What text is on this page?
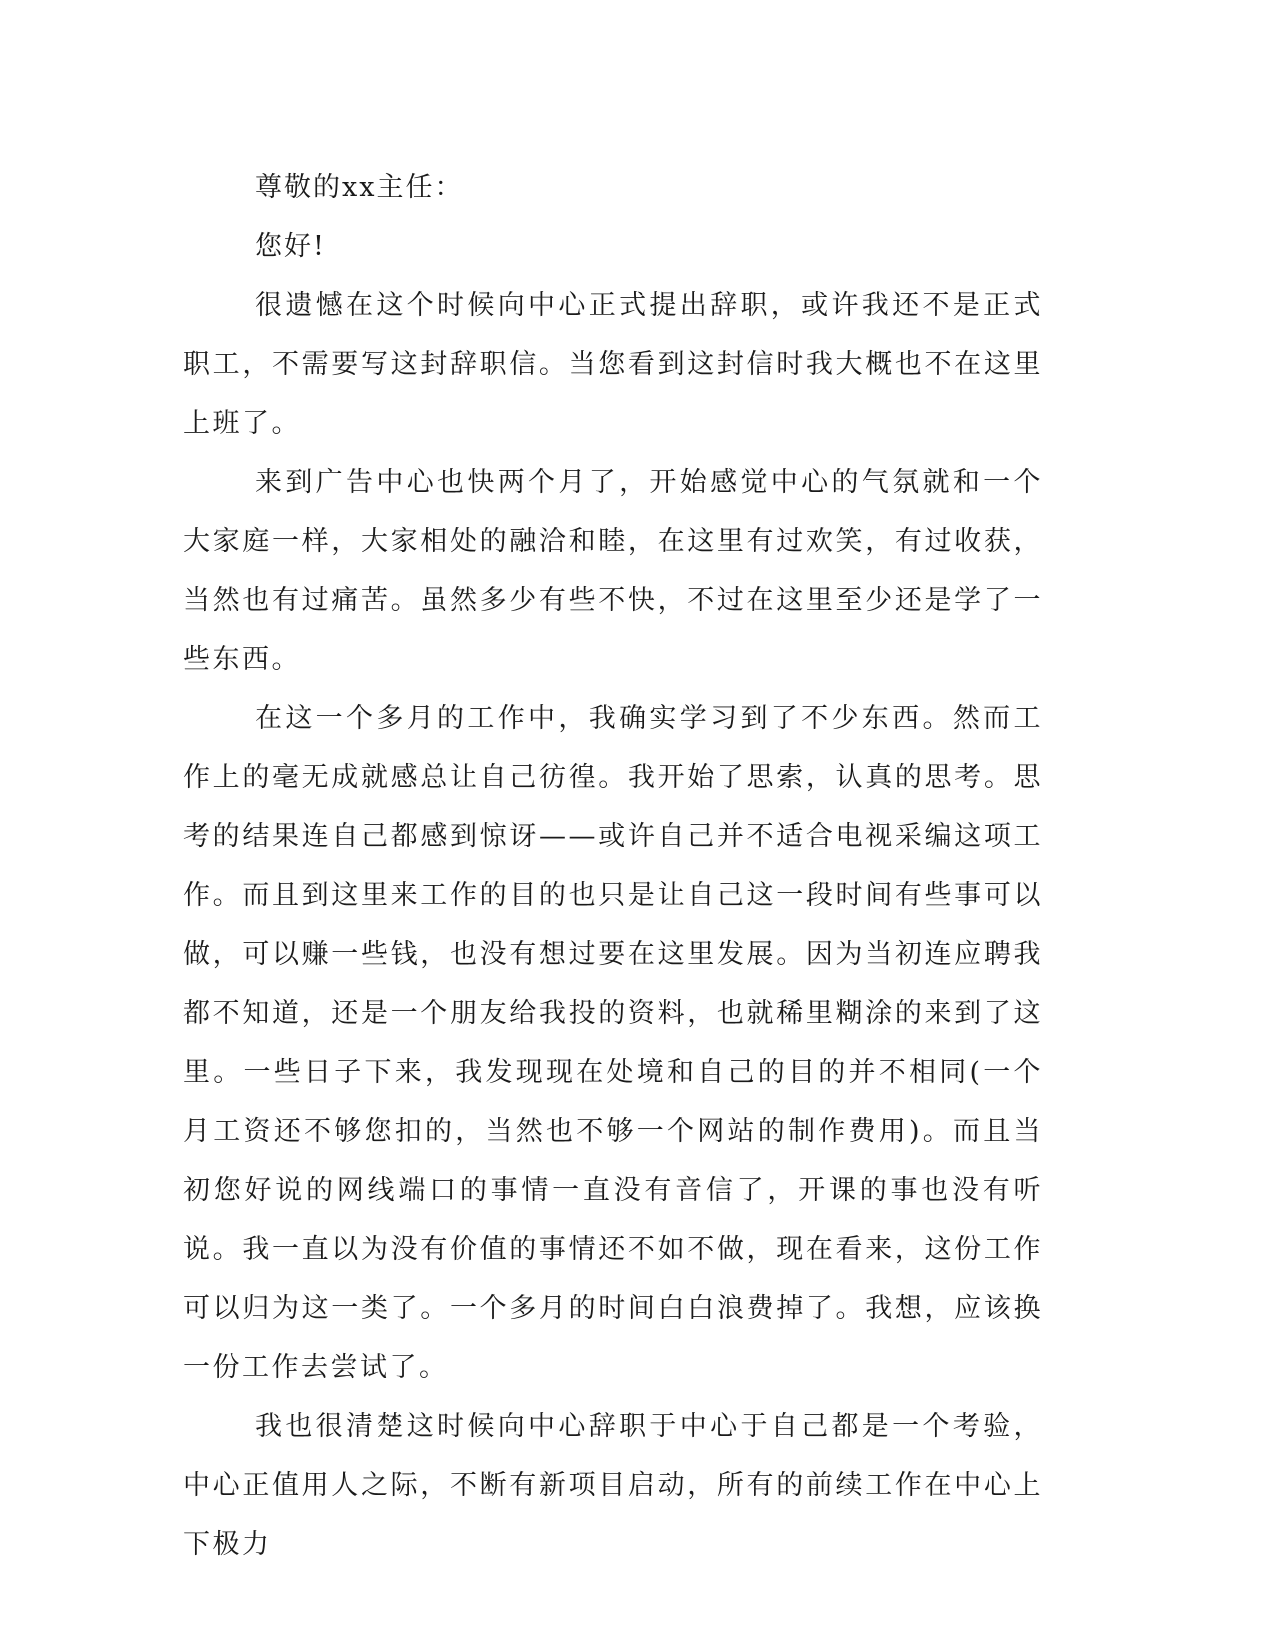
尊敬的xx主任：

您好!

很遗憾在这个时候向中心正式提出辞职，或许我还不是正式职工，不需要写这封辞职信。当您看到这封信时我大概也不在这里上班了。

来到广告中心也快两个月了，开始感觉中心的气氛就和一个大家庭一样，大家相处的融洽和睦，在这里有过欢笑，有过收获，当然也有过痛苦。虽然多少有些不快，不过在这里至少还是学了一些东西。

在这一个多月的工作中，我确实学习到了不少东西。然而工作上的毫无成就感总让自己彷徨。我开始了思索，认真的思考。思考的结果连自己都感到惊讶——或许自己并不适合电视采编这项工作。而且到这里来工作的目的也只是让自己这一段时间有些事可以做，可以赚一些钱，也没有想过要在这里发展。因为当初连应聘我都不知道，还是一个朋友给我投的资料，也就稀里糊涂的来到了这里。一些日子下来，我发现现在处境和自己的目的并不相同(一个月工资还不够您扣的，当然也不够一个网站的制作费用)。而且当初您好说的网线端口的事情一直没有音信了，开课的事也没有听说。我一直以为没有价值的事情还不如不做，现在看来，这份工作可以归为这一类了。一个多月的时间白白浪费掉了。我想，应该换一份工作去尝试了。

我也很清楚这时候向中心辞职于中心于自己都是一个考验，中心正值用人之际，不断有新项目启动，所有的前续工作在中心上下极力
